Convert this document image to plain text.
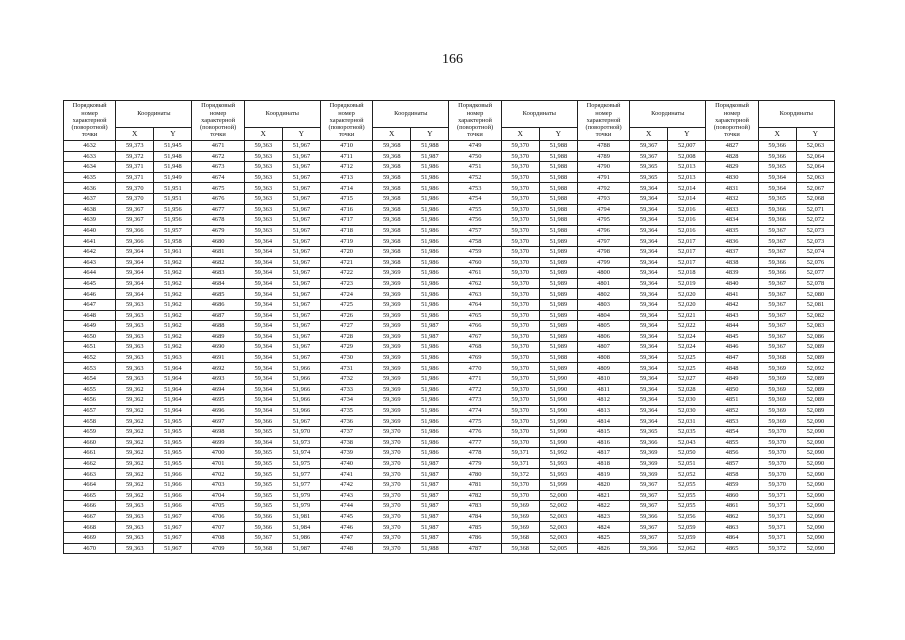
166
Порядковый номер характерной (поворотной) точки	Координаты		Порядковый номер характерной (поворотной) точки	Координаты		Порядковый номер характерной (поворотной) точки	Координаты		Порядковый номер характерной (поворотной) точки	Координаты		Порядковый номер характерной (поворотной) точки	Координаты		Порядковый номер характерной (поворотной) точки	Координаты	
	X	Y		X	Y		X	Y		X	Y		X	Y		X	Y
4632	59,373	51,945	4671	59,363	51,967	4710	59,368	51,988	4749	59,370	51,988	4788	59,367	52,007	4827	59,366	52,063
4633	59,372	51,948	4672	59,363	51,967	4711	59,368	51,987	4750	59,370	51,988	4789	59,367	52,008	4828	59,366	52,064
4634	59,371	51,948	4673	59,363	51,967	4712	59,368	51,986	4751	59,370	51,988	4790	59,365	52,013	4829	59,365	52,064
4635	59,371	51,949	4674	59,363	51,967	4713	59,368	51,986	4752	59,370	51,988	4791	59,365	52,013	4830	59,364	52,063
4636	59,370	51,951	4675	59,363	51,967	4714	59,368	51,986	4753	59,370	51,988	4792	59,364	52,014	4831	59,364	52,067
4637	59,370	51,951	4676	59,363	51,967	4715	59,368	51,986	4754	59,370	51,988	4793	59,364	52,014	4832	59,365	52,068
4638	59,367	51,956	4677	59,363	51,967	4716	59,368	51,986	4755	59,370	51,988	4794	59,364	52,016	4833	59,366	52,071
4639	59,367	51,956	4678	59,363	51,967	4717	59,368	51,986	4756	59,370	51,988	4795	59,364	52,016	4834	59,366	52,072
4640	59,366	51,957	4679	59,363	51,967	4718	59,368	51,986	4757	59,370	51,988	4796	59,364	52,016	4835	59,367	52,073
4641	59,366	51,958	4680	59,364	51,967	4719	59,368	51,986	4758	59,370	51,989	4797	59,364	52,017	4836	59,367	52,073
4642	59,364	51,961	4681	59,364	51,967	4720	59,368	51,986	4759	59,370	51,989	4798	59,364	52,017	4837	59,367	52,074
4643	59,364	51,962	4682	59,364	51,967	4721	59,368	51,986	4760	59,370	51,989	4799	59,364	52,017	4838	59,366	52,076
4644	59,364	51,962	4683	59,364	51,967	4722	59,369	51,986	4761	59,370	51,989	4800	59,364	52,018	4839	59,366	52,077
4645	59,364	51,962	4684	59,364	51,967	4723	59,369	51,986	4762	59,370	51,989	4801	59,364	52,019	4840	59,367	52,078
4646	59,364	51,962	4685	59,364	51,967	4724	59,369	51,986	4763	59,370	51,989	4802	59,364	52,020	4841	59,367	52,080
4647	59,363	51,962	4686	59,364	51,967	4725	59,369	51,986	4764	59,370	51,989	4803	59,364	52,020	4842	59,367	52,081
4648	59,363	51,962	4687	59,364	51,967	4726	59,369	51,986	4765	59,370	51,989	4804	59,364	52,021	4843	59,367	52,082
4649	59,363	51,962	4688	59,364	51,967	4727	59,369	51,987	4766	59,370	51,989	4805	59,364	52,022	4844	59,367	52,083
4650	59,363	51,962	4689	59,364	51,967	4728	59,369	51,987	4767	59,370	51,989	4806	59,364	52,024	4845	59,367	52,086
4651	59,363	51,962	4690	59,364	51,967	4729	59,369	51,986	4768	59,370	51,989	4807	59,364	52,024	4846	59,367	52,089
4652	59,363	51,963	4691	59,364	51,967	4730	59,369	51,986	4769	59,370	51,988	4808	59,364	52,025	4847	59,368	52,089
4653	59,363	51,964	4692	59,364	51,966	4731	59,369	51,986	4770	59,370	51,989	4809	59,364	52,025	4848	59,369	52,092
4654	59,363	51,964	4693	59,364	51,966	4732	59,369	51,986	4771	59,370	51,990	4810	59,364	52,027	4849	59,369	52,089
4655	59,362	51,964	4694	59,364	51,966	4733	59,369	51,986	4772	59,370	51,990	4811	59,364	52,028	4850	59,369	52,089
4656	59,362	51,964	4695	59,364	51,966	4734	59,369	51,986	4773	59,370	51,990	4812	59,364	52,030	4851	59,369	52,089
4657	59,362	51,964	4696	59,364	51,966	4735	59,369	51,986	4774	59,370	51,990	4813	59,364	52,030	4852	59,369	52,089
4658	59,362	51,965	4697	59,366	51,967	4736	59,369	51,986	4775	59,370	51,990	4814	59,364	52,031	4853	59,369	52,090
4659	59,362	51,965	4698	59,365	51,970	4737	59,370	51,986	4776	59,370	51,990	4815	59,365	52,035	4854	59,370	52,090
4660	59,362	51,965	4699	59,364	51,973	4738	59,370	51,986	4777	59,370	51,990	4816	59,366	52,043	4855	59,370	52,090
4661	59,362	51,965	4700	59,365	51,974	4739	59,370	51,986	4778	59,371	51,992	4817	59,369	52,050	4856	59,370	52,090
4662	59,362	51,965	4701	59,365	51,975	4740	59,370	51,987	4779	59,371	51,993	4818	59,369	52,051	4857	59,370	52,090
4663	59,362	51,966	4702	59,365	51,977	4741	59,370	51,987	4780	59,372	51,993	4819	59,369	52,052	4858	59,370	52,090
4664	59,362	51,966	4703	59,365	51,977	4742	59,370	51,987	4781	59,370	51,999	4820	59,367	52,055	4859	59,370	52,090
4665	59,362	51,966	4704	59,365	51,979	4743	59,370	51,987	4782	59,370	52,000	4821	59,367	52,055	4860	59,371	52,090
4666	59,363	51,966	4705	59,365	51,979	4744	59,370	51,987	4783	59,369	52,002	4822	59,367	52,055	4861	59,371	52,090
4667	59,363	51,967	4706	59,366	51,981	4745	59,370	51,987	4784	59,369	52,003	4823	59,366	52,056	4862	59,371	52,090
4668	59,363	51,967	4707	59,366	51,984	4746	59,370	51,987	4785	59,369	52,003	4824	59,367	52,059	4863	59,371	52,090
4669	59,363	51,967	4708	59,367	51,986	4747	59,370	51,987	4786	59,368	52,003	4825	59,367	52,059	4864	59,371	52,090
4670	59,363	51,967	4709	59,368	51,987	4748	59,370	51,988	4787	59,368	52,005	4826	59,366	52,062	4865	59,372	52,090
